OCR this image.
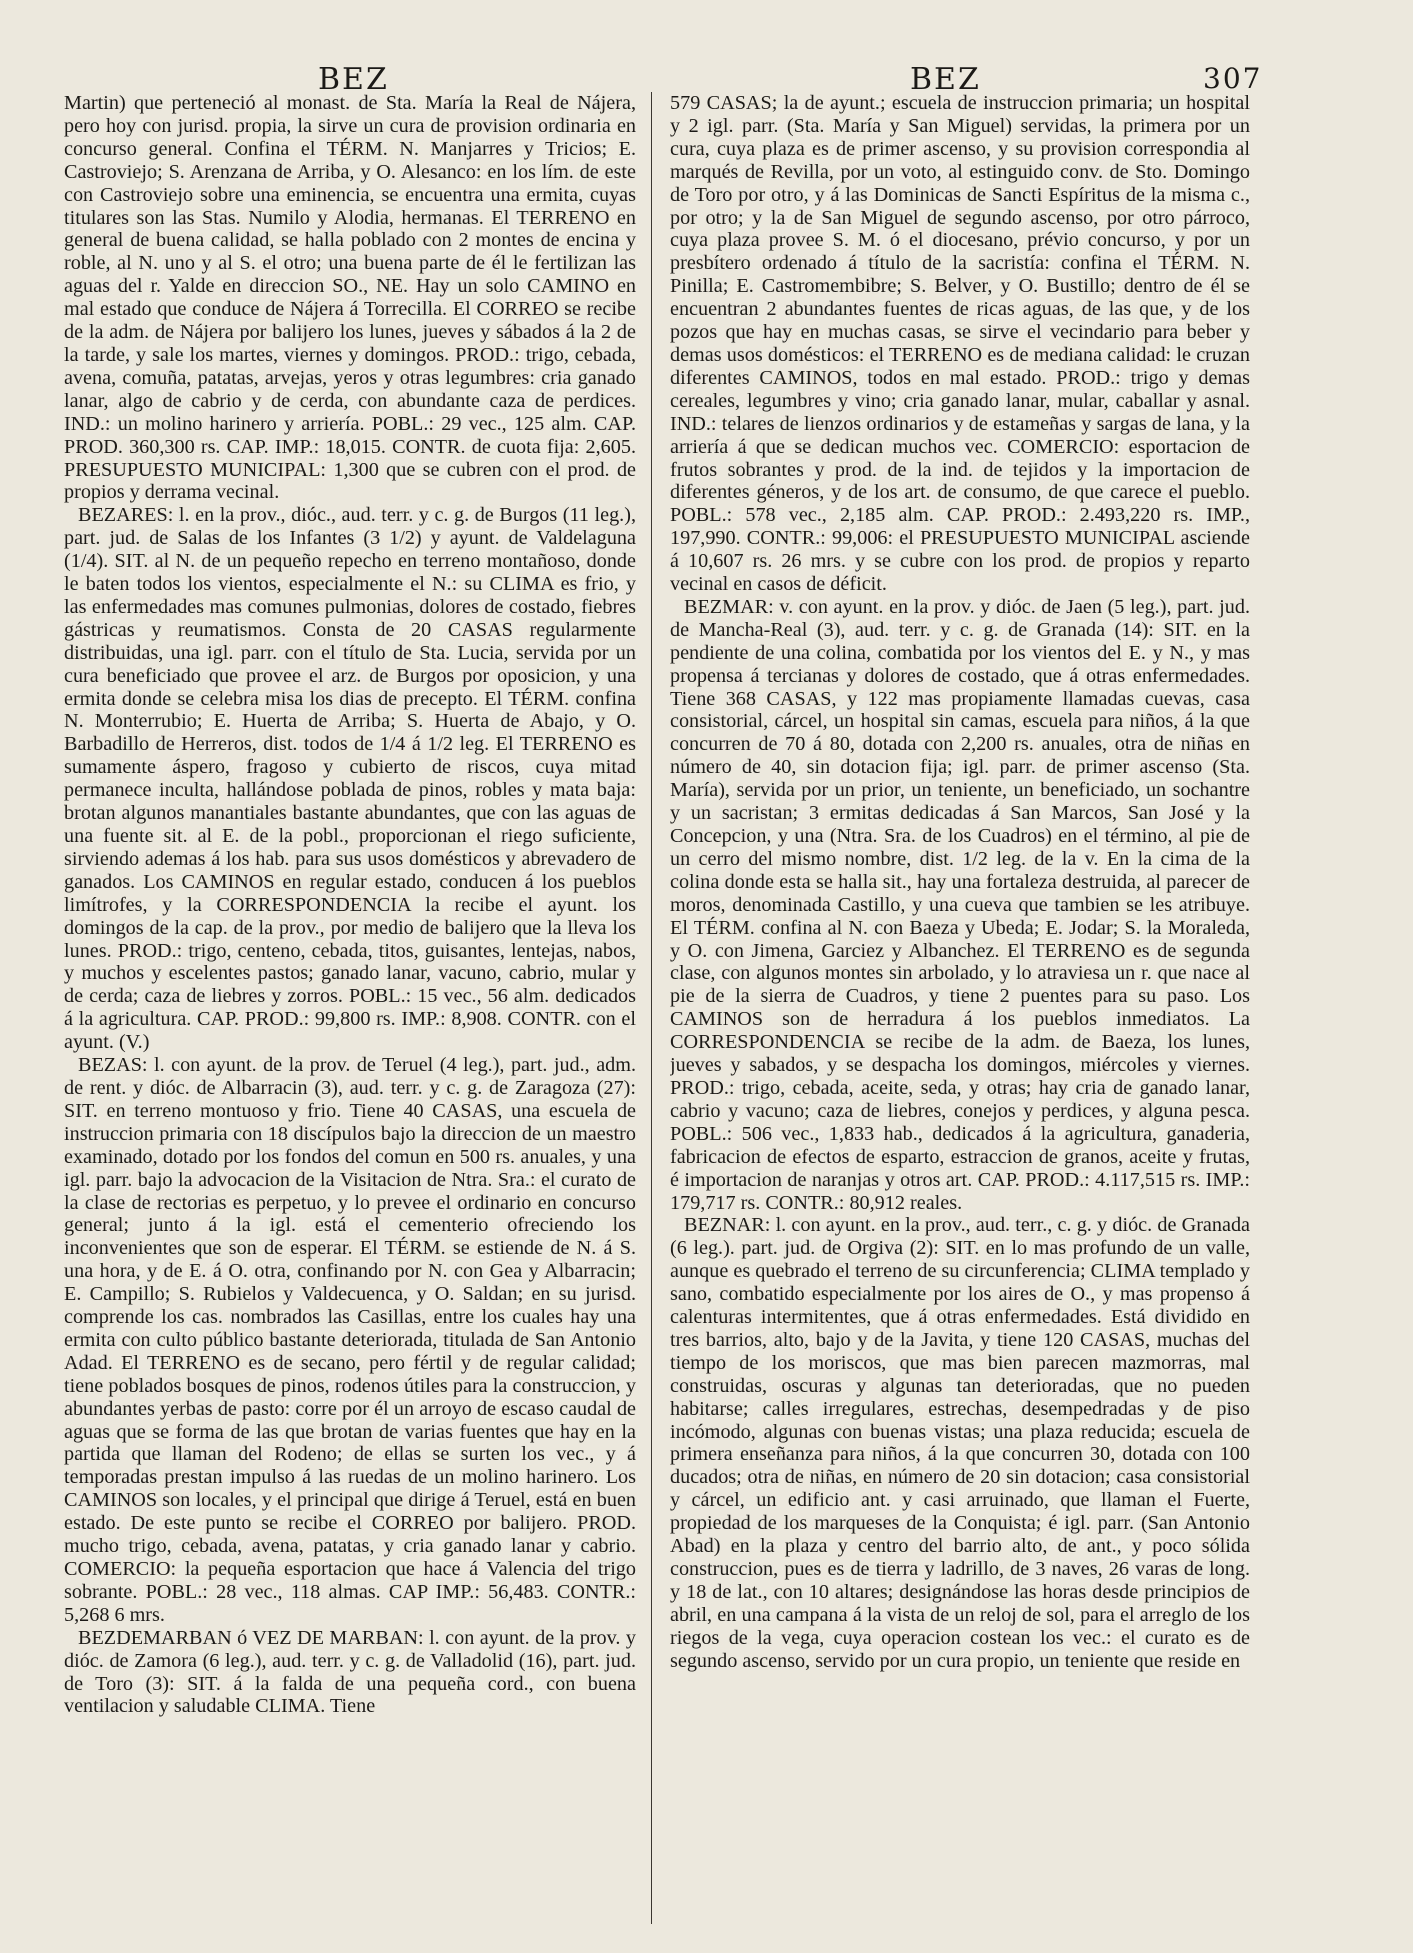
BEZ	BEZ	307

Martin) que perteneció al monast. de Sta. María la Real de Nájera, pero hoy con jurisd. propia, la sirve un cura de provision ordinaria en concurso general. Confina el TÉRM. N. Manjarres y Tricios; E. Castroviejo; S. Arenzana de Arriba, y O. Alesanco: en los lím. de este con Castroviejo sobre una eminencia, se encuentra una ermita, cuyas titulares son las Stas. Numilo y Alodia, hermanas. El TERRENO en general de buena calidad, se halla poblado con 2 montes de encina y roble, al N. uno y al S. el otro; una buena parte de él le fertilizan las aguas del r. Yalde en direccion SO., NE. Hay un solo CAMINO en mal estado que conduce de Nájera á Torrecilla. El CORREO se recibe de la adm. de Nájera por balijero los lunes, jueves y sábados á la 2 de la tarde, y sale los martes, viernes y domingos. PROD.: trigo, cebada, avena, comuña, patatas, arvejas, yeros y otras legumbres: cria ganado lanar, algo de cabrio y de cerda, con abundante caza de perdices. IND.: un molino harinero y arriería. POBL.: 29 vec., 125 alm. CAP. PROD. 360,300 rs. CAP. IMP.: 18,015. CONTR. de cuota fija: 2,605. PRESUPUESTO MUNICIPAL: 1,300 que se cubren con el prod. de propios y derrama vecinal.

BEZARES: l. en la prov., dióc., aud. terr. y c. g. de Burgos (11 leg.), part. jud. de Salas de los Infantes (3 1/2) y ayunt. de Valdelaguna (1/4). SIT. al N. de un pequeño repecho en terreno montañoso, donde le baten todos los vientos, especialmente el N.: su CLIMA es frio, y las enfermedades mas comunes pulmonias, dolores de costado, fiebres gástricas y reumatismos. Consta de 20 CASAS regularmente distribuidas, una igl. parr. con el título de Sta. Lucia, servida por un cura beneficiado que provee el arz. de Burgos por oposicion, y una ermita donde se celebra misa los dias de precepto. El TÉRM. confina N. Monterrubio; E. Huerta de Arriba; S. Huerta de Abajo, y O. Barbadillo de Herreros, dist. todos de 1/4 á 1/2 leg. El TERRENO es sumamente áspero, fragoso y cubierto de riscos, cuya mitad permanece inculta, hallándose poblada de pinos, robles y mata baja: brotan algunos manantiales bastante abundantes, que con las aguas de una fuente sit. al E. de la pobl., proporcionan el riego suficiente, sirviendo ademas á los hab. para sus usos domésticos y abrevadero de ganados. Los CAMINOS en regular estado, conducen á los pueblos limítrofes, y la CORRESPONDENCIA la recibe el ayunt. los domingos de la cap. de la prov., por medio de balijero que la lleva los lunes. PROD.: trigo, centeno, cebada, titos, guisantes, lentejas, nabos, y muchos y escelentes pastos; ganado lanar, vacuno, cabrio, mular y de cerda; caza de liebres y zorros. POBL.: 15 vec., 56 alm. dedicados á la agricultura. CAP. PROD.: 99,800 rs. IMP.: 8,908. CONTR. con el ayunt. (V.)

BEZAS: l. con ayunt. de la prov. de Teruel (4 leg.), part. jud., adm. de rent. y dióc. de Albarracin (3), aud. terr. y c. g. de Zaragoza (27): SIT. en terreno montuoso y frio. Tiene 40 CASAS, una escuela de instruccion primaria con 18 discípulos bajo la direccion de un maestro examinado, dotado por los fondos del comun en 500 rs. anuales, y una igl. parr. bajo la advocacion de la Visitacion de Ntra. Sra.: el curato de la clase de rectorias es perpetuo, y lo prevee el ordinario en concurso general; junto á la igl. está el cementerio ofreciendo los inconvenientes que son de esperar. El TÉRM. se estiende de N. á S. una hora, y de E. á O. otra, confinando por N. con Gea y Albarracin; E. Campillo; S. Rubielos y Valdecuenca, y O. Saldan; en su jurisd. comprende los cas. nombrados las Casillas, entre los cuales hay una ermita con culto público bastante deteriorada, titulada de San Antonio Adad. El TERRENO es de secano, pero fértil y de regular calidad; tiene poblados bosques de pinos, rodenos útiles para la construccion, y abundantes yerbas de pasto: corre por él un arroyo de escaso caudal de aguas que se forma de las que brotan de varias fuentes que hay en la partida que llaman del Rodeno; de ellas se surten los vec., y á temporadas prestan impulso á las ruedas de un molino harinero. Los CAMINOS son locales, y el principal que dirige á Teruel, está en buen estado. De este punto se recibe el CORREO por balijero. PROD. mucho trigo, cebada, avena, patatas, y cria ganado lanar y cabrio. COMERCIO: la pequeña esportacion que hace á Valencia del trigo sobrante. POBL.: 28 vec., 118 almas. CAP IMP.: 56,483. CONTR.: 5,268 6 mrs.

BEZDEMARBAN ó VEZ DE MARBAN: l. con ayunt. de la prov. y dióc. de Zamora (6 leg.), aud. terr. y c. g. de Valladolid (16), part. jud. de Toro (3): SIT. á la falda de una pequeña cord., con buena ventilacion y saludable CLIMA. Tiene

579 CASAS; la de ayunt.; escuela de instruccion primaria; un hospital y 2 igl. parr. (Sta. María y San Miguel) servidas, la primera por un cura, cuya plaza es de primer ascenso, y su provision correspondia al marqués de Revilla, por un voto, al estinguido conv. de Sto. Domingo de Toro por otro, y á las Dominicas de Sancti Espíritus de la misma c., por otro; y la de San Miguel de segundo ascenso, por otro párroco, cuya plaza provee S. M. ó el diocesano, prévio concurso, y por un presbítero ordenado á título de la sacristía: confina el TÉRM. N. Pinilla; E. Castromembibre; S. Belver, y O. Bustillo; dentro de él se encuentran 2 abundantes fuentes de ricas aguas, de las que, y de los pozos que hay en muchas casas, se sirve el vecindario para beber y demas usos domésticos: el TERRENO es de mediana calidad: le cruzan diferentes CAMINOS, todos en mal estado. PROD.: trigo y demas cereales, legumbres y vino; cria ganado lanar, mular, caballar y asnal. IND.: telares de lienzos ordinarios y de estameñas y sargas de lana, y la arriería á que se dedican muchos vec. COMERCIO: esportacion de frutos sobrantes y prod. de la ind. de tejidos y la importacion de diferentes géneros, y de los art. de consumo, de que carece el pueblo. POBL.: 578 vec., 2,185 alm. CAP. PROD.: 2.493,220 rs. IMP., 197,990. CONTR.: 99,006: el PRESUPUESTO MUNICIPAL asciende á 10,607 rs. 26 mrs. y se cubre con los prod. de propios y reparto vecinal en casos de déficit.

BEZMAR: v. con ayunt. en la prov. y dióc. de Jaen (5 leg.), part. jud. de Mancha-Real (3), aud. terr. y c. g. de Granada (14): SIT. en la pendiente de una colina, combatida por los vientos del E. y N., y mas propensa á tercianas y dolores de costado, que á otras enfermedades. Tiene 368 CASAS, y 122 mas propiamente llamadas cuevas, casa consistorial, cárcel, un hospital sin camas, escuela para niños, á la que concurren de 70 á 80, dotada con 2,200 rs. anuales, otra de niñas en número de 40, sin dotacion fija; igl. parr. de primer ascenso (Sta. María), servida por un prior, un teniente, un beneficiado, un sochantre y un sacristan; 3 ermitas dedicadas á San Marcos, San José y la Concepcion, y una (Ntra. Sra. de los Cuadros) en el término, al pie de un cerro del mismo nombre, dist. 1/2 leg. de la v. En la cima de la colina donde esta se halla sit., hay una fortaleza destruida, al parecer de moros, denominada Castillo, y una cueva que tambien se les atribuye. El TÉRM. confina al N. con Baeza y Ubeda; E. Jodar; S. la Moraleda, y O. con Jimena, Garciez y Albanchez. El TERRENO es de segunda clase, con algunos montes sin arbolado, y lo atraviesa un r. que nace al pie de la sierra de Cuadros, y tiene 2 puentes para su paso. Los CAMINOS son de herradura á los pueblos inmediatos. La CORRESPONDENCIA se recibe de la adm. de Baeza, los lunes, jueves y sabados, y se despacha los domingos, miércoles y viernes. PROD.: trigo, cebada, aceite, seda, y otras; hay cria de ganado lanar, cabrio y vacuno; caza de liebres, conejos y perdices, y alguna pesca. POBL.: 506 vec., 1,833 hab., dedicados á la agricultura, ganaderia, fabricacion de efectos de esparto, estraccion de granos, aceite y frutas, é importacion de naranjas y otros art. CAP. PROD.: 4.117,515 rs. IMP.: 179,717 rs. CONTR.: 80,912 reales.

BEZNAR: l. con ayunt. en la prov., aud. terr., c. g. y dióc. de Granada (6 leg.). part. jud. de Orgiva (2): SIT. en lo mas profundo de un valle, aunque es quebrado el terreno de su circunferencia; CLIMA templado y sano, combatido especialmente por los aires de O., y mas propenso á calenturas intermitentes, que á otras enfermedades. Está dividido en tres barrios, alto, bajo y de la Javita, y tiene 120 CASAS, muchas del tiempo de los moriscos, que mas bien parecen mazmorras, mal construidas, oscuras y algunas tan deterioradas, que no pueden habitarse; calles irregulares, estrechas, desempedradas y de piso incómodo, algunas con buenas vistas; una plaza reducida; escuela de primera enseñanza para niños, á la que concurren 30, dotada con 100 ducados; otra de niñas, en número de 20 sin dotacion; casa consistorial y cárcel, un edificio ant. y casi arruinado, que llaman el Fuerte, propiedad de los marqueses de la Conquista; é igl. parr. (San Antonio Abad) en la plaza y centro del barrio alto, de ant., y poco sólida construccion, pues es de tierra y ladrillo, de 3 naves, 26 varas de long. y 18 de lat., con 10 altares; designándose las horas desde principios de abril, en una campana á la vista de un reloj de sol, para el arreglo de los riegos de la vega, cuya operacion costean los vec.: el curato es de segundo ascenso, servido por un cura propio, un teniente que reside en
